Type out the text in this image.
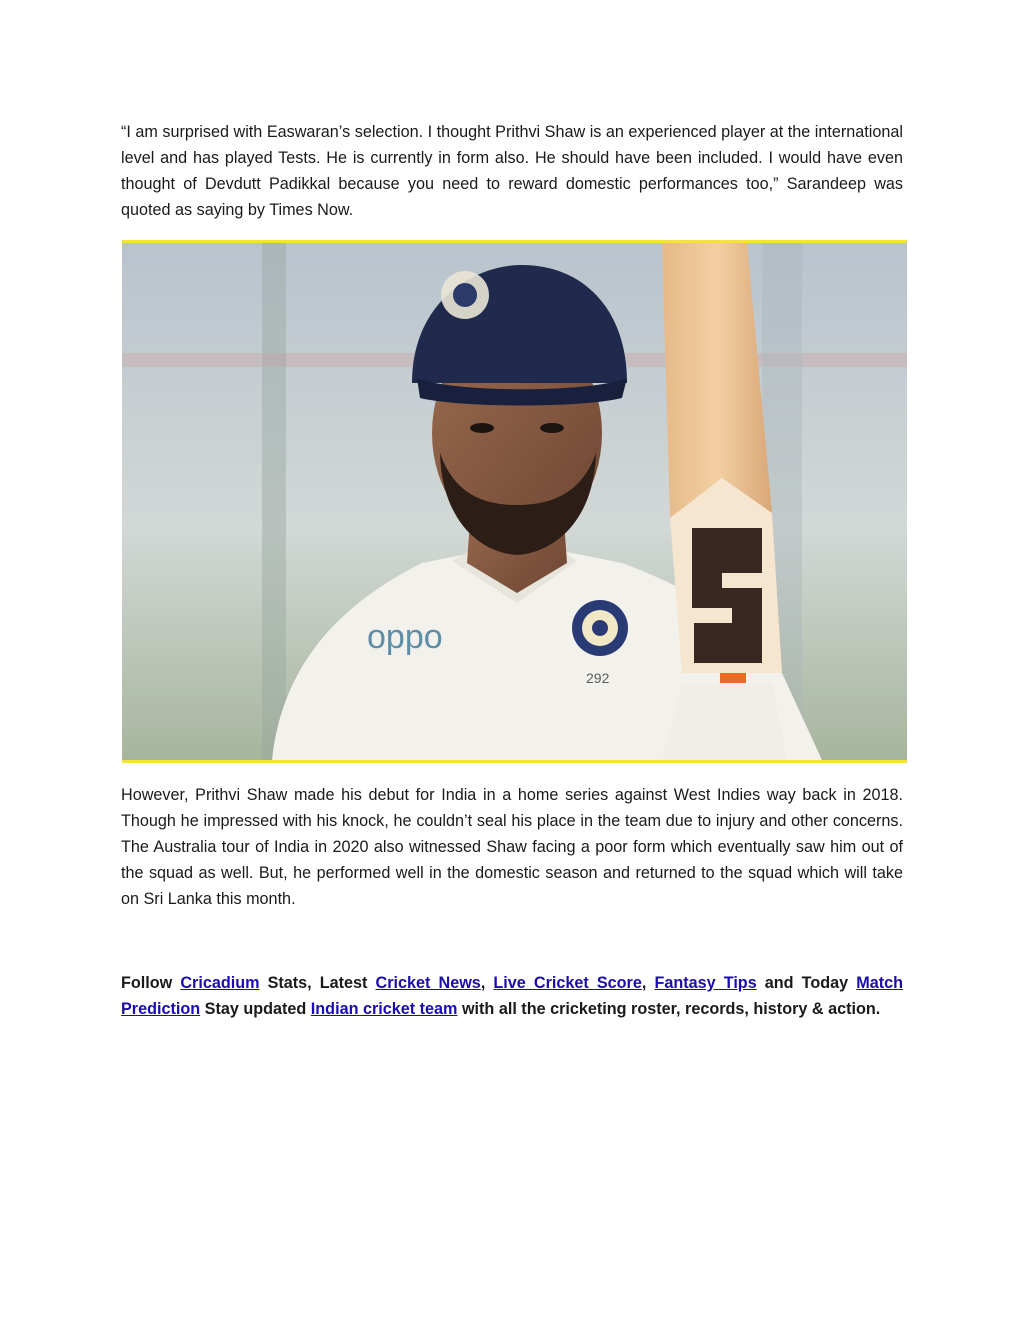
“I am surprised with Easwaran’s selection. I thought Prithvi Shaw is an experienced player at the international level and has played Tests. He is currently in form also. He should have been included. I would have even thought of Devdutt Padikkal because you need to reward domestic performances too,” Sarandeep was quoted as saying by Times Now.

oppo
292

However, Prithvi Shaw made his debut for India in a home series against West Indies way back in 2018. Though he impressed with his knock, he couldn’t seal his place in the team due to injury and other concerns. The Australia tour of India in 2020 also witnessed Shaw facing a poor form which eventually saw him out of the squad as well. But, he performed well in the domestic season and returned to the squad which will take on Sri Lanka this month.

Follow Cricadium Stats, Latest Cricket News, Live Cricket Score, Fantasy Tips and Today Match Prediction Stay updated Indian cricket team with all the cricketing roster, records, history & action.
